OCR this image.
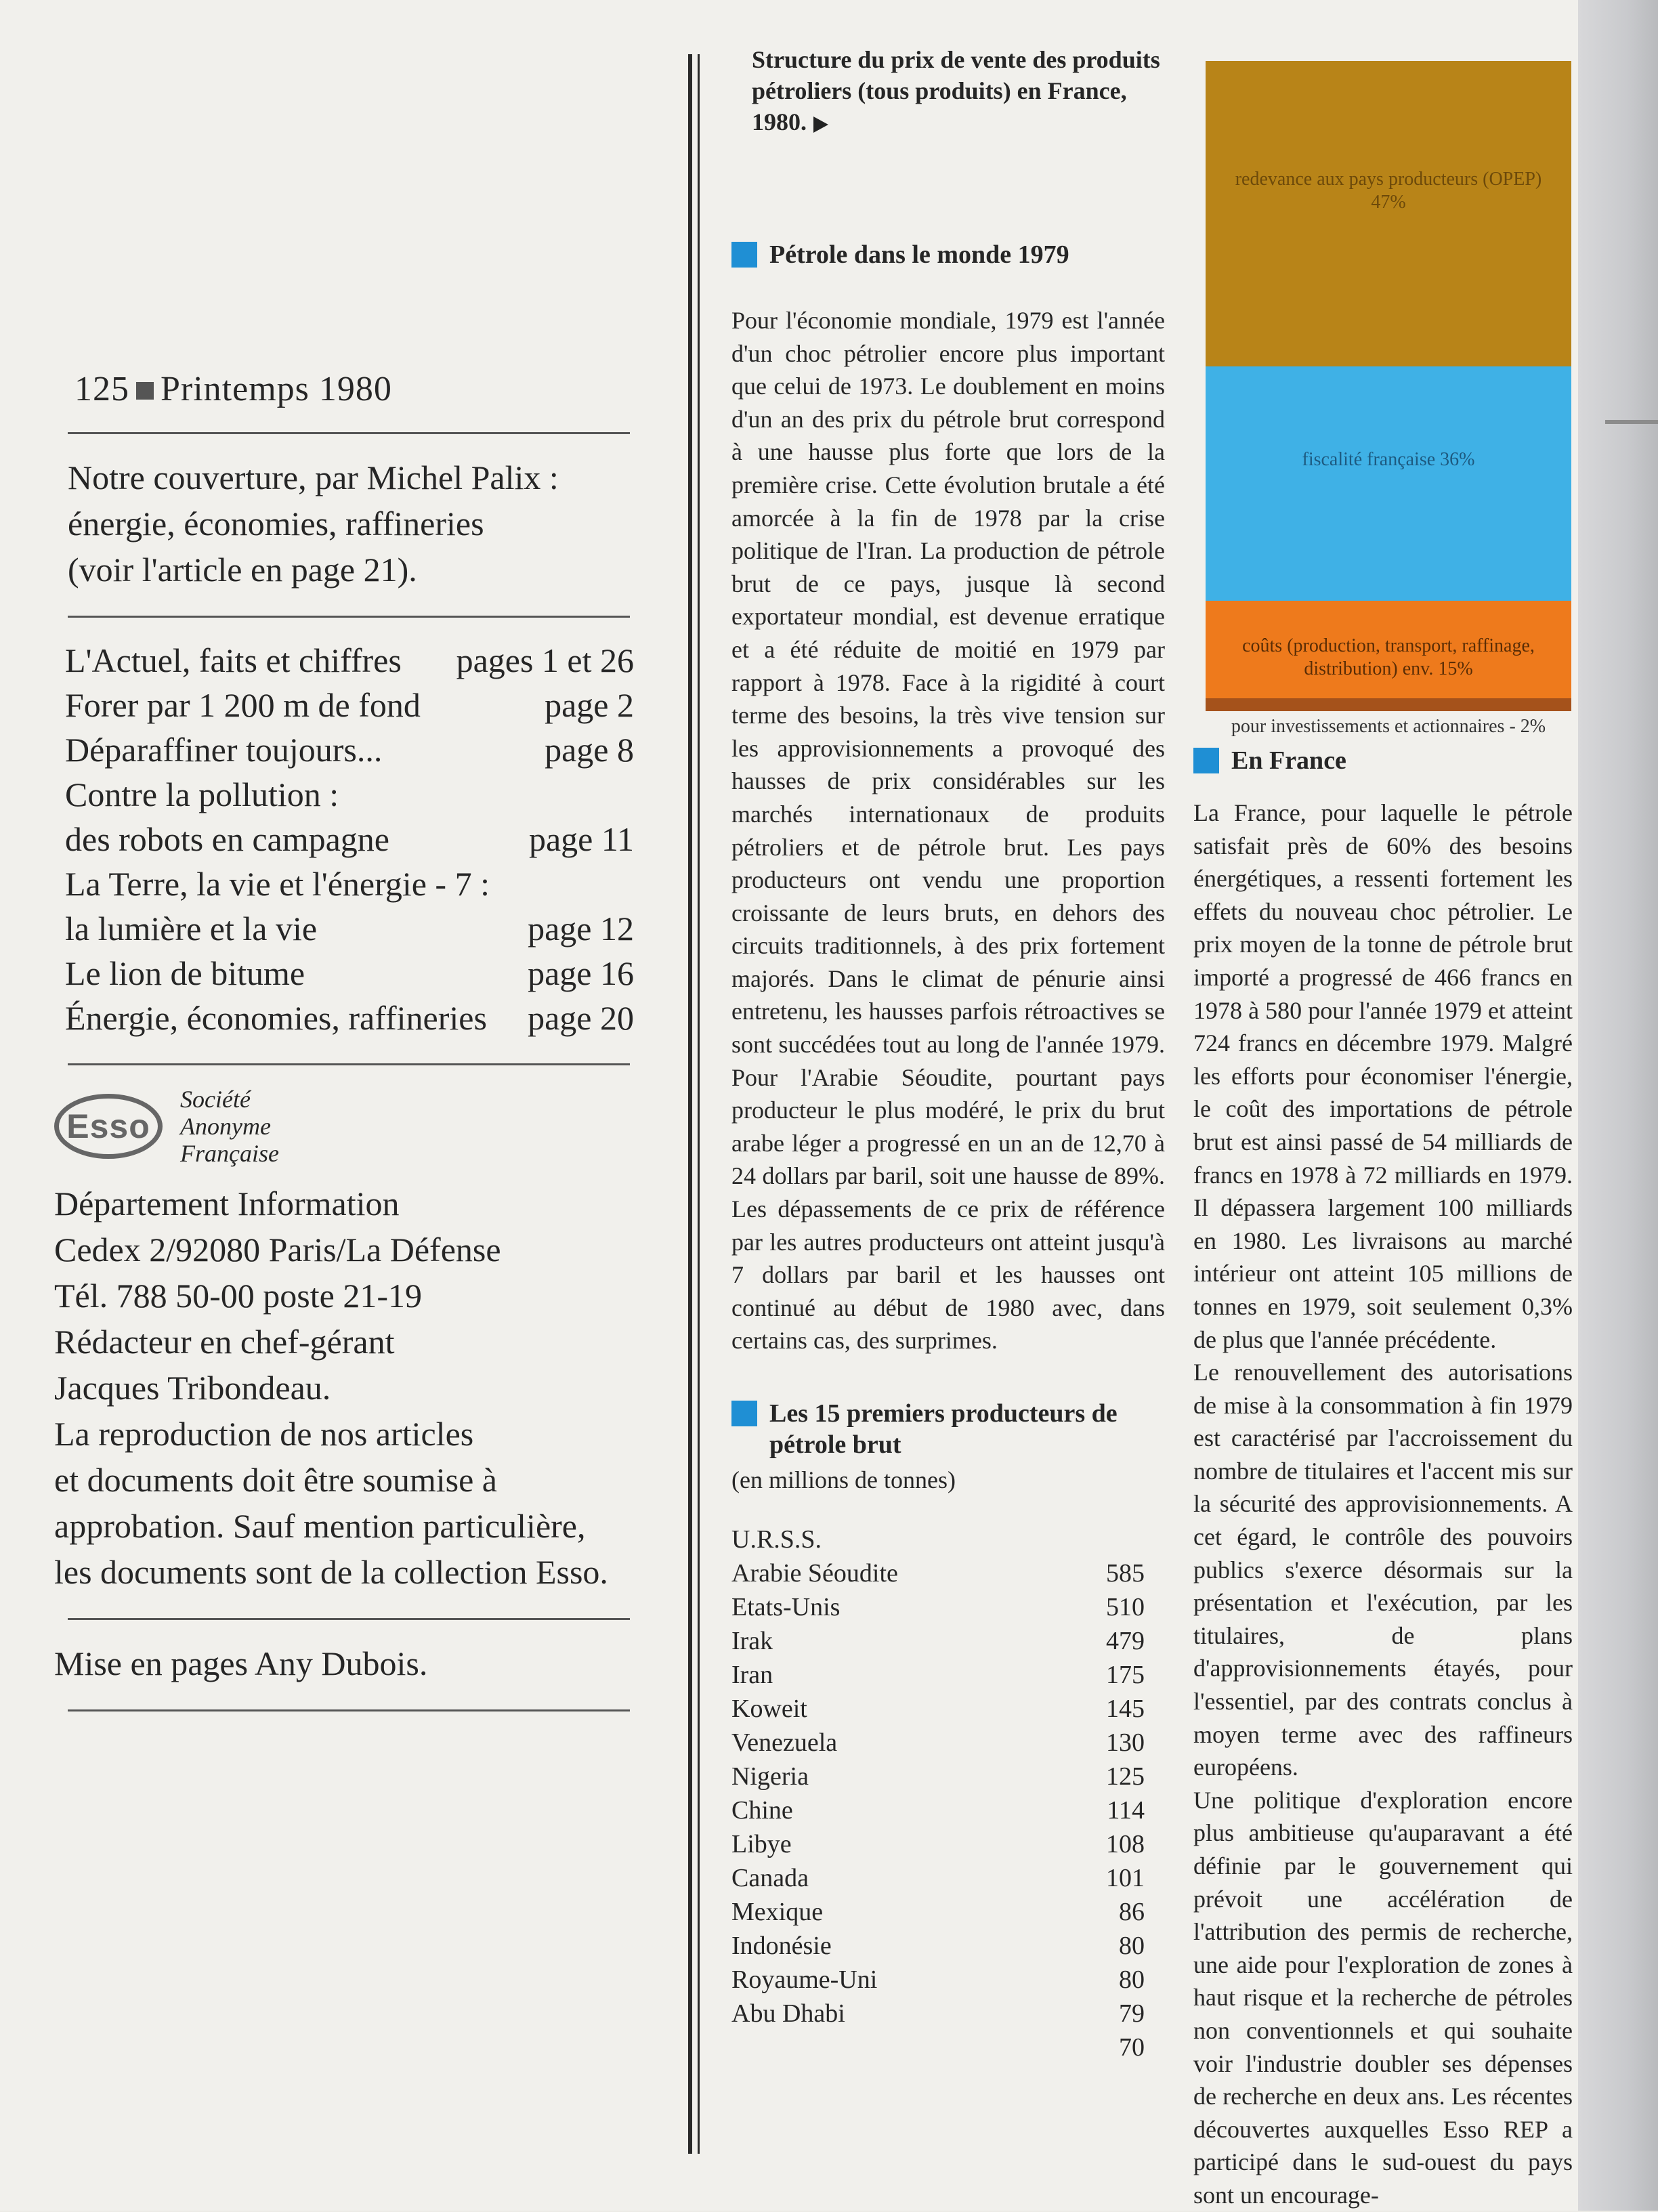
125 Printemps 1980
Notre couverture, par Michel Palix :
énergie, économies, raffineries
(voir l'article en page 21).
L'Actuel, faits et chiffres pages 1 et 26
Forer par 1 200 m de fond	page 2
Déparaffiner toujours...	page 8
Contre la pollution :
des robots en campagne	page 11
La Terre, la vie et l'énergie - 7 :
la lumière et la vie	page 12
Le lion de bitume	page 16
Énergie, économies, raffineries page 20
Esso
Société
Anonyme
Française
Département Information
Cedex 2/92080 Paris/La Défense
Tél. 788 50-00 poste 21-19
Rédacteur en chef-gérant
Jacques Tribondeau.
La reproduction de nos articles
et documents doit être soumise à
approbation. Sauf mention particulière,
les documents sont de la collection Esso.
Mise en pages Any Dubois.
Structure du prix de vente des produits pétroliers (tous produits) en France, 1980.
Pétrole dans le monde 1979
Pour l'économie mondiale, 1979 est l'année d'un choc pétrolier encore plus important que celui de 1973. Le doublement en moins d'un an des prix du pétrole brut correspond à une hausse plus forte que lors de la première crise. Cette évolution brutale a été amorcée à la fin de 1978 par la crise politique de l'Iran. La production de pétrole brut de ce pays, jusque là second exportateur mondial, est devenue erratique et a été réduite de moitié en 1979 par rapport à 1978. Face à la rigidité à court terme des besoins, la très vive tension sur les approvisionnements a provoqué des hausses de prix considérables sur les marchés internationaux de produits pétroliers et de pétrole brut. Les pays producteurs ont vendu une proportion croissante de leurs bruts, en dehors des circuits traditionnels, à des prix fortement majorés. Dans le climat de pénurie ainsi entretenu, les hausses parfois rétroactives se sont succédées tout au long de l'année 1979. Pour l'Arabie Séoudite, pourtant pays producteur le plus modéré, le prix du brut arabe léger a progressé en un an de 12,70 à 24 dollars par baril, soit une hausse de 89%. Les dépassements de ce prix de référence par les autres producteurs ont atteint jusqu'à 7 dollars par baril et les hausses ont continué au début de 1980 avec, dans certains cas, des surprimes.
Les 15 premiers producteurs de pétrole brut
(en millions de tonnes)
U.R.S.S.
Arabie Séoudite	585
Etats-Unis	510
Irak	479
Iran	175
Koweit	145
Venezuela	130
Nigeria	125
Chine	114
Libye	108
Canada	101
Mexique	86
Indonésie	80
Royaume-Uni	80
Abu Dhabi	79
70
redevance aux pays producteurs (OPEP) 47%
fiscalité française 36%
coûts (production, transport, raffinage, distribution) env. 15%
pour investissements et actionnaires - 2%
En France
La France, pour laquelle le pétrole satisfait près de 60% des besoins énergétiques, a ressenti fortement les effets du nouveau choc pétrolier. Le prix moyen de la tonne de pétrole brut importé a progressé de 466 francs en 1978 à 580 pour l'année 1979 et atteint 724 francs en décembre 1979. Malgré les efforts pour économiser l'énergie, le coût des importations de pétrole brut est ainsi passé de 54 milliards de francs en 1978 à 72 milliards en 1979. Il dépassera largement 100 milliards en 1980. Les livraisons au marché intérieur ont atteint 105 millions de tonnes en 1979, soit seulement 0,3% de plus que l'année précédente.
Le renouvellement des autorisations de mise à la consommation à fin 1979 est caractérisé par l'accroissement du nombre de titulaires et l'accent mis sur la sécurité des approvisionnements. A cet égard, le contrôle des pouvoirs publics s'exerce désormais sur la présentation et l'exécution, par les titulaires, de plans d'approvisionnements étayés, pour l'essentiel, par des contrats conclus à moyen terme avec des raffineurs européens.
Une politique d'exploration encore plus ambitieuse qu'auparavant a été définie par le gouvernement qui prévoit une accélération de l'attribution des permis de recherche, une aide pour l'exploration de zones à haut risque et la recherche de pétroles non conventionnels et qui souhaite voir l'industrie doubler ses dépenses de recherche en deux ans. Les récentes découvertes auxquelles Esso REP a participé dans le sud-ouest du pays sont un encourage-
